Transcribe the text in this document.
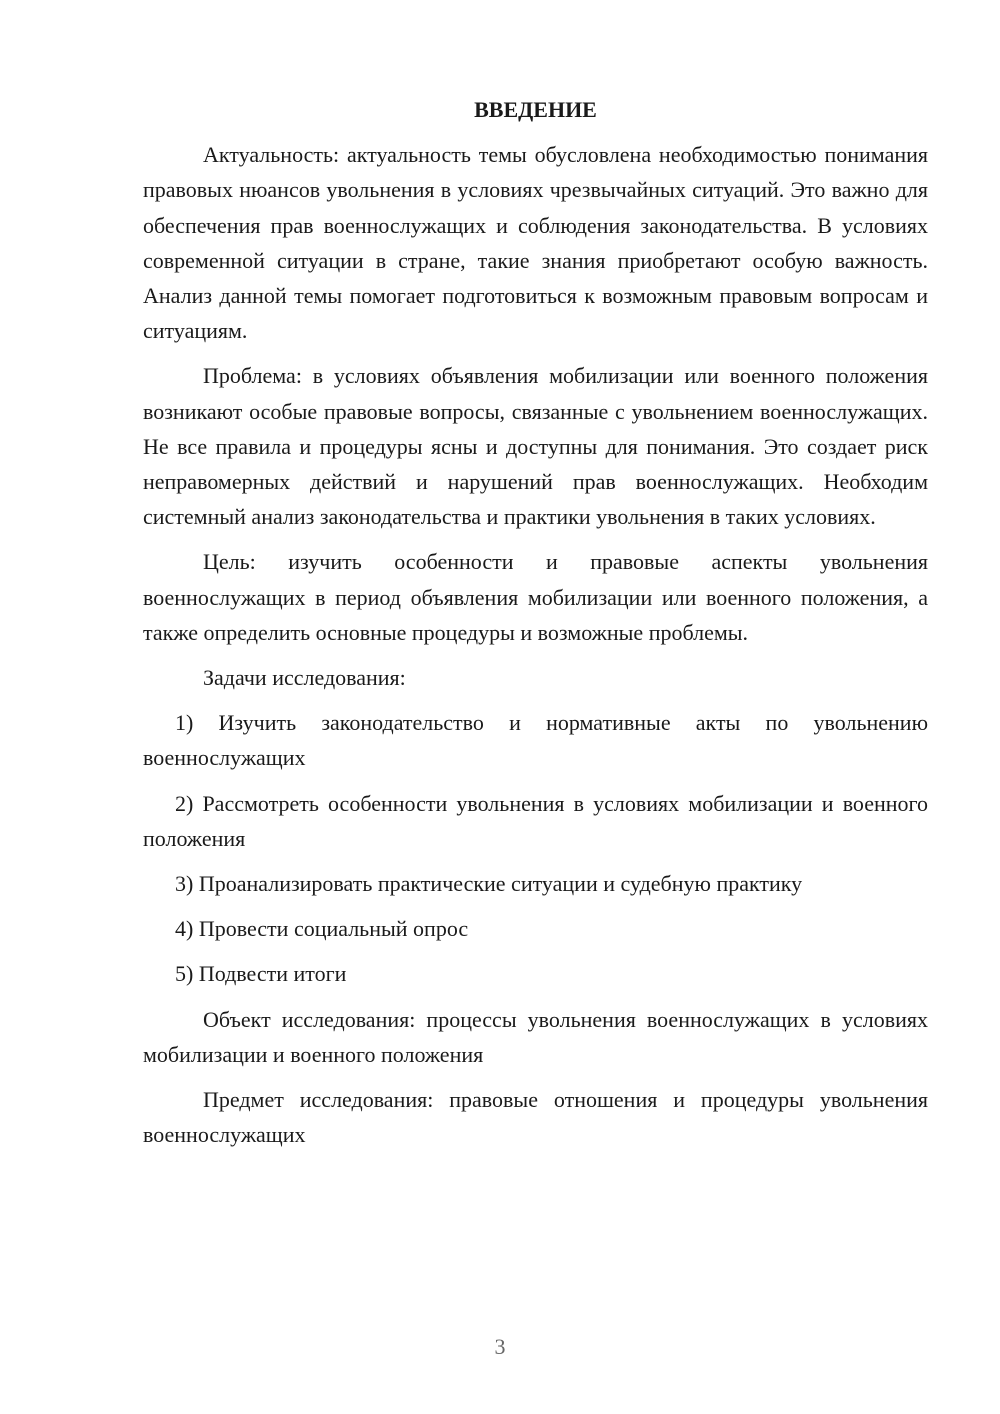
ВВЕДЕНИЕ

Актуальность: актуальность темы обусловлена необходимостью понимания правовых нюансов увольнения в условиях чрезвычайных ситуаций. Это важно для обеспечения прав военнослужащих и соблюдения законодательства. В условиях современной ситуации в стране, такие знания приобретают особую важность. Анализ данной темы помогает подготовиться к возможным правовым вопросам и ситуациям.

Проблема: в условиях объявления мобилизации или военного положения возникают особые правовые вопросы, связанные с увольнением военнослужащих. Не все правила и процедуры ясны и доступны для понимания. Это создает риск неправомерных действий и нарушений прав военнослужащих. Необходим системный анализ законодательства и практики увольнения в таких условиях.

Цель: изучить особенности и правовые аспекты увольнения военнослужащих в период объявления мобилизации или военного положения, а также определить основные процедуры и возможные проблемы.

Задачи исследования:

1) Изучить законодательство и нормативные акты по увольнению военнослужащих

2) Рассмотреть особенности увольнения в условиях мобилизации и военного положения

3) Проанализировать практические ситуации и судебную практику

4) Провести социальный опрос

5) Подвести итоги

Объект исследования: процессы увольнения военнослужащих в условиях мобилизации и военного положения

Предмет исследования: правовые отношения и процедуры увольнения военнослужащих

3
